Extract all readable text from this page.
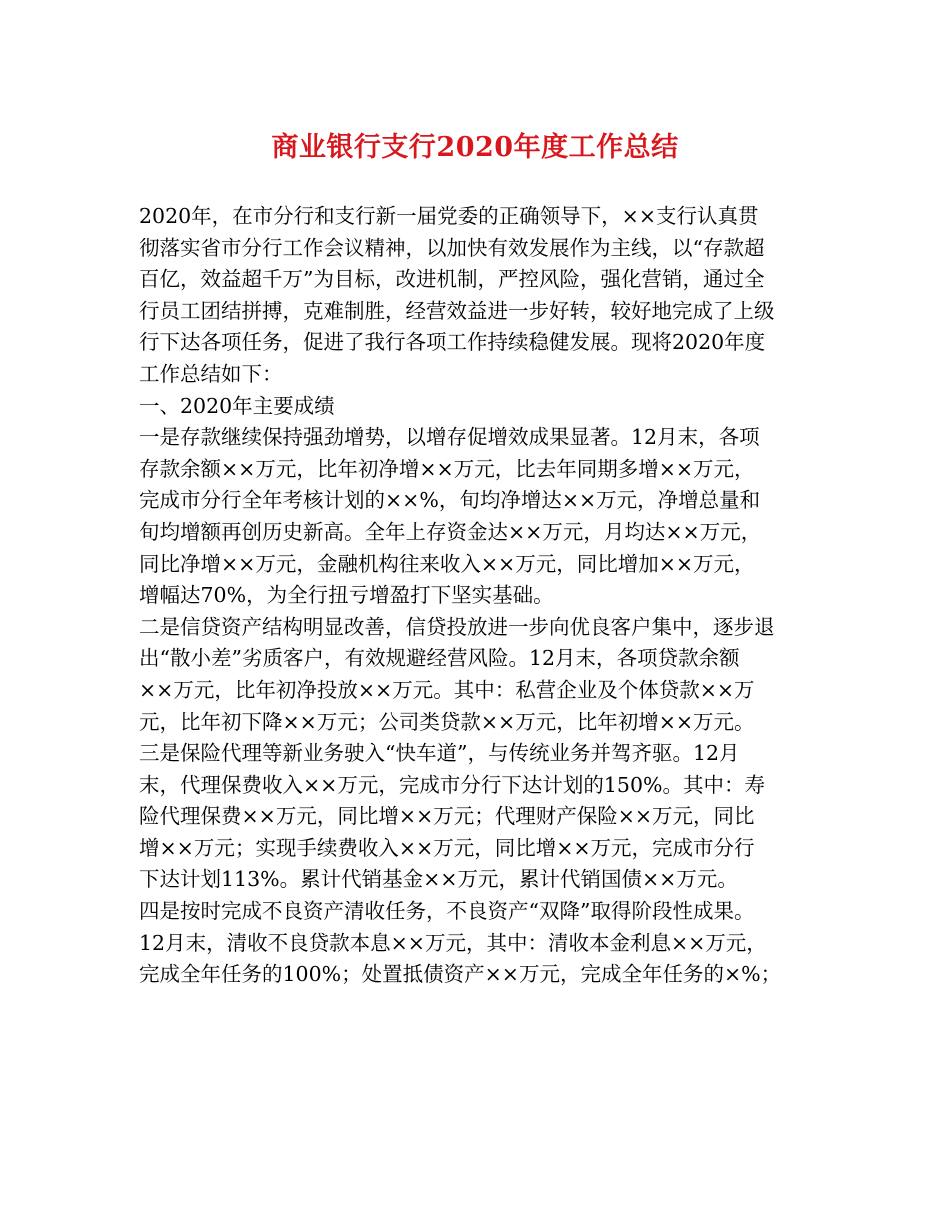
商业银行支行2020年度工作总结
2020年，在市分行和支行新一届党委的正确领导下，××支行认真贯
彻落实省市分行工作会议精神，以加快有效发展作为主线，以“存款超
百亿，效益超千万”为目标，改进机制，严控风险，强化营销，通过全
行员工团结拼搏，克难制胜，经营效益进一步好转，较好地完成了上级
行下达各项任务，促进了我行各项工作持续稳健发展。现将2020年度
工作总结如下：
一、2020年主要成绩
一是存款继续保持强劲增势，以增存促增效成果显著。12月末，各项
存款余额××万元，比年初净增××万元，比去年同期多增××万元，
完成市分行全年考核计划的××%，旬均净增达××万元，净增总量和
旬均增额再创历史新高。全年上存资金达××万元，月均达××万元，
同比净增××万元，金融机构往来收入××万元，同比增加××万元，
增幅达70%，为全行扭亏增盈打下坚实基础。
二是信贷资产结构明显改善，信贷投放进一步向优良客户集中，逐步退
出“散小差”劣质客户，有效规避经营风险。12月末，各项贷款余额
××万元，比年初净投放××万元。其中：私营企业及个体贷款××万
元，比年初下降××万元；公司类贷款××万元，比年初增××万元。
三是保险代理等新业务驶入“快车道”，与传统业务并驾齐驱。12月
末，代理保费收入××万元，完成市分行下达计划的150%。其中：寿
险代理保费××万元，同比增××万元；代理财产保险××万元，同比
增××万元；实现手续费收入××万元，同比增××万元，完成市分行
下达计划113%。累计代销基金××万元，累计代销国债××万元。
四是按时完成不良资产清收任务，不良资产“双降”取得阶段性成果。
12月末，清收不良贷款本息××万元，其中：清收本金利息××万元，
完成全年任务的100%；处置抵债资产××万元，完成全年任务的×%；
